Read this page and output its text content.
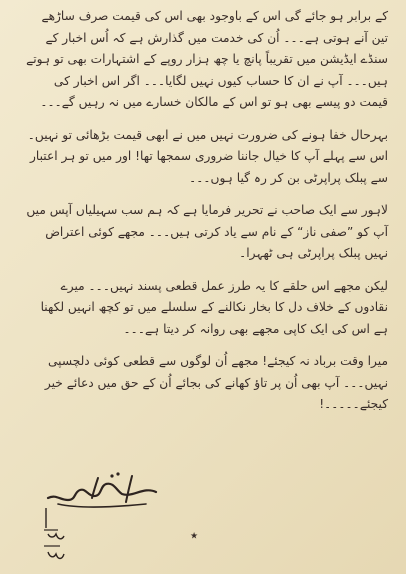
کے برابر ہو جائے گی اس کے باوجود بھی اس کی قیمت صرف ساڑھے تین آنے ہوتی ہے۔۔۔ اُن کی خدمت میں گذارش ہے کہ اُس اخبار کے سنڈے ایڈیشن میں تقریباً پانچ یا چھ ہزار روپے کے اشتہارات بھی تو ہوتے ہیں۔۔۔ آپ نے ان کا حساب کیوں نہیں لگایا۔۔۔ اگر اس اخبار کی قیمت دو پیسے بھی ہو تو اس کے مالکان خسارے میں نہ رہیں گے۔۔۔

بہرحال خفا ہونے کی ضرورت نہیں میں نے ابھی قیمت بڑھائی تو نہیں۔ اس سے پہلے آپ کا خیال جاننا ضروری سمجھا تھا! اور میں تو ہر اعتبار سے پبلک پراپرٹی بن کر رہ گیا ہوں۔۔۔

لاہور سے ایک صاحب نے تحریر فرمایا ہے کہ ہم سب سہیلیاں آپس میں آپ کو ”صفی ناز“ کے نام سے یاد کرتی ہیں۔۔۔ مجھے کوئی اعتراض نہیں پبلک پراپرٹی ہی ٹھہرا۔

لیکن مجھے اس حلقے کا یہ طرز عمل قطعی پسند نہیں۔۔۔ میرے نقادوں کے خلاف دل کا بخار نکالنے کے سلسلے میں تو کچھ انہیں لکھنا ہے اس کی ایک کاپی مجھے بھی روانہ کر دیتا ہے۔۔۔

میرا وقت برباد نہ کیجئے! مجھے اُن لوگوں سے قطعی کوئی دلچسپی نہیں۔۔۔ آپ بھی اُن پر تاؤ کھانے کی بجائے اُن کے حق میں دعائے خیر کیجئے۔۔۔۔۔!

٭
